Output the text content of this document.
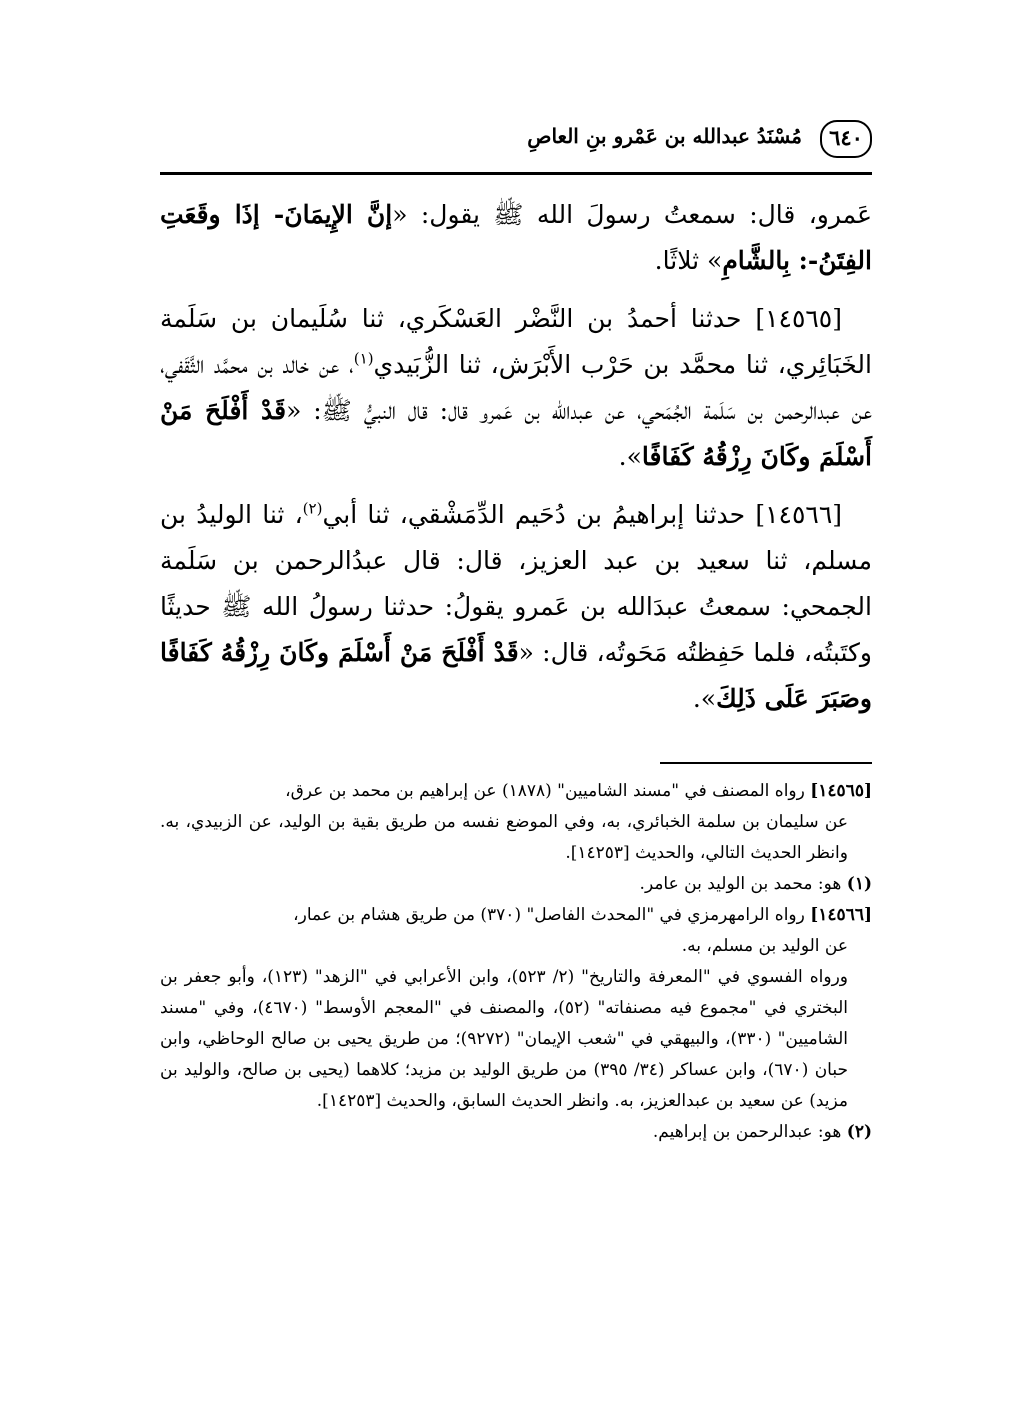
٦٤٠
مُسْنَدُ عبدالله بن عَمْرو بنِ العاصِ

عَمرو، قال: سمعتُ رسولَ الله ﷺ يقول: «إنَّ الإِيمَانَ- إذَا وقَعَتِ الفِتَنُ-: بِالشَّامِ» ثلاثًا.

[١٤٥٦٥] حدثنا أحمدُ بن النَّضْر العَسْكَري، ثنا سُلَيمان بن سَلَمة الخَبَائِري، ثنا محمَّد بن حَرْب الأَبْرَش، ثنا الزُّبَيدي$^{(١)}$، عن خالد بن محمَّد الثَّقَفي، عن عبدالرحمن بن سَلَمة الجُمَحي، عن عبدالله بن عَمرو قال: قال النبيُّ ﷺ: «قَدْ أَفْلَحَ مَنْ أَسْلَمَ وكَانَ رِزْقُهُ كَفَافًا».

[١٤٥٦٦] حدثنا إبراهيمُ بن دُحَيم الدِّمَشْقي، ثنا أبي$^{(٢)}$، ثنا الوليدُ بن مسلم، ثنا سعيد بن عبد العزيز، قال: قال عبدُالرحمن بن سَلَمة الجمحي: سمعتُ عبدَالله بن عَمرو يقولُ: حدثنا رسولُ الله ﷺ حديثًا وكتَبتُه، فلما حَفِظتُه مَحَوتُه، قال: «قَدْ أَفْلَحَ مَنْ أَسْلَمَ وكَانَ رِزْقُهُ كَفَافًا وصَبَرَ عَلَى ذَلِكَ».

[١٤٥٦٥] رواه المصنف في "مسند الشاميين" (١٨٧٨) عن إبراهيم بن محمد بن عرق،
عن سليمان بن سلمة الخبائري، به، وفي الموضع نفسه من طريق بقية بن الوليد، عن الزبيدي، به. وانظر الحديث التالي، والحديث [١٤٢٥٣].
(١) هو: محمد بن الوليد بن عامر.
[١٤٥٦٦] رواه الرامهرمزي في "المحدث الفاصل" (٣٧٠) من طريق هشام بن عمار،
عن الوليد بن مسلم، به.
ورواه الفسوي في "المعرفة والتاريخ" (٢/ ٥٢٣)، وابن الأعرابي في "الزهد" (١٢٣)، وأبو جعفر بن البختري في "مجموع فيه مصنفاته" (٥٢)، والمصنف في "المعجم الأوسط" (٤٦٧٠)، وفي "مسند الشاميين" (٣٣٠)، والبيهقي في "شعب الإيمان" (٩٢٧٢)؛ من طريق يحيى بن صالح الوحاظي، وابن حبان (٦٧٠)، وابن عساكر (٣٤/ ٣٩٥) من طريق الوليد بن مزيد؛ كلاهما (يحيى بن صالح، والوليد بن مزيد) عن سعيد بن عبدالعزيز، به. وانظر الحديث السابق، والحديث [١٤٢٥٣].
(٢) هو: عبدالرحمن بن إبراهيم.
